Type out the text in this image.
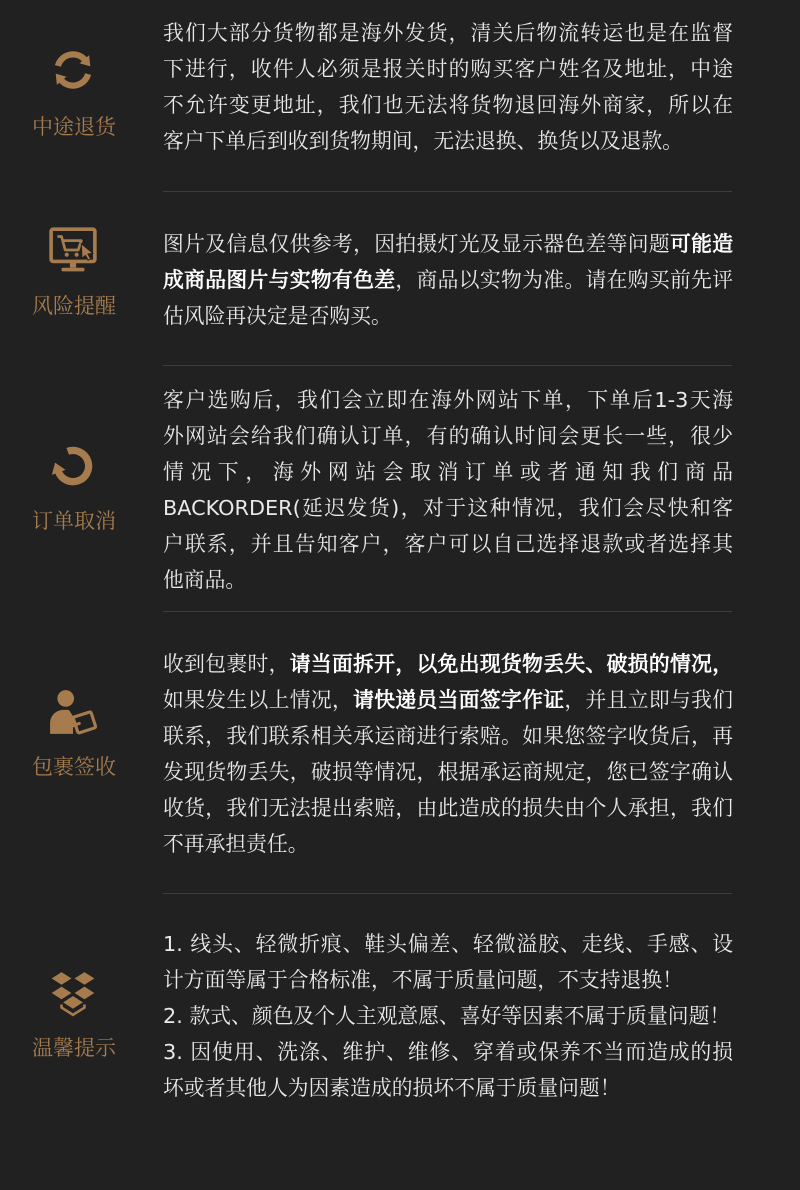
中途退货
我们大部分货物都是海外发货，清关后物流转运也是在监督
下进行，收件人必须是报关时的购买客户姓名及地址，中途
不允许变更地址，我们也无法将货物退回海外商家，所以在
客户下单后到收到货物期间，无法退换、换货以及退款。
风险提醒
图片及信息仅供参考，因拍摄灯光及显示器色差等问题可能造
成商品图片与实物有色差，商品以实物为准。请在购买前先评
估风险再决定是否购买。
订单取消
客户选购后，我们会立即在海外网站下单，下单后1-3天海
外网站会给我们确认订单，有的确认时间会更长一些，很少
情况下，海外网站会取消订单或者通知我们商品
BACKORDER(延迟发货)，对于这种情况，我们会尽快和客
户联系，并且告知客户，客户可以自己选择退款或者选择其
他商品。
包裹签收
收到包裹时，请当面拆开，以免出现货物丢失、破损的情况，
如果发生以上情况，请快递员当面签字作证，并且立即与我们
联系，我们联系相关承运商进行索赔。如果您签字收货后，再
发现货物丢失，破损等情况，根据承运商规定，您已签字确认
收货，我们无法提出索赔，由此造成的损失由个人承担，我们
不再承担责任。
温馨提示
1. 线头、轻微折痕、鞋头偏差、轻微溢胶、走线、手感、设
计方面等属于合格标准，不属于质量问题，不支持退换！
2. 款式、颜色及个人主观意愿、喜好等因素不属于质量问题！
3. 因使用、洗涤、维护、维修、穿着或保养不当而造成的损
坏或者其他人为因素造成的损坏不属于质量问题！
